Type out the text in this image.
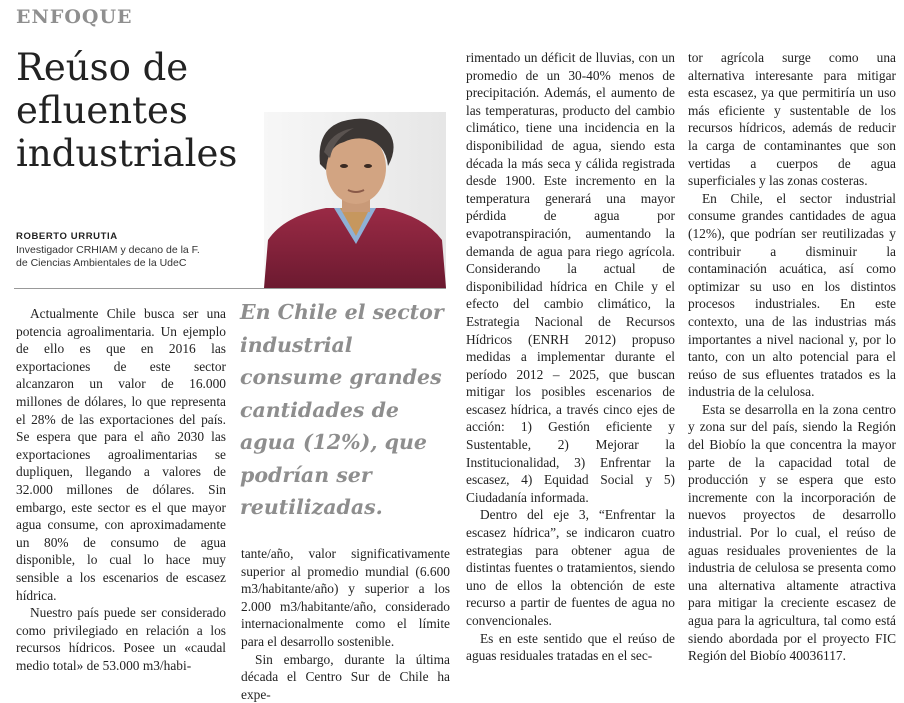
ENFOQUE
Reúso de efluentes industriales
ROBERTO URRUTIA
Investigador CRHIAM y decano de la F. de Ciencias Ambientales de la UdeC

Actualmente Chile busca ser una potencia agroalimentaria. Un ejemplo de ello es que en 2016 las exportaciones de este sector alcanzaron un valor de 16.000 millones de dólares, lo que representa el 28% de las exportaciones del país. Se espera que para el año 2030 las exportaciones agroalimentarias se dupliquen, llegando a valores de 32.000 millones de dólares. Sin embargo, este sector es el que mayor agua consume, con aproximadamente un 80% de consumo de agua disponible, lo cual lo hace muy sensible a los escenarios de escasez hídrica.

Nuestro país puede ser considerado como privilegiado en relación a los recursos hídricos. Posee un «caudal medio total» de 53.000 m3/habi-

En Chile el sector industrial consume grandes cantidades de agua (12%), que podrían ser reutilizadas.

tante/año, valor significativamente superior al promedio mundial (6.600 m3/habitante/año) y superior a los 2.000 m3/habitante/año, considerado internacionalmente como el límite para el desarrollo sostenible.

Sin embargo, durante la última década el Centro Sur de Chile ha expe-

rimentado un déficit de lluvias, con un promedio de un 30-40% menos de precipitación. Además, el aumento de las temperaturas, producto del cambio climático, tiene una incidencia en la disponibilidad de agua, siendo esta década la más seca y cálida registrada desde 1900. Este incremento en la temperatura generará una mayor pérdida de agua por evapotranspiración, aumentando la demanda de agua para riego agrícola. Considerando la actual de disponibilidad hídrica en Chile y el efecto del cambio climático, la Estrategia Nacional de Recursos Hídricos (ENRH 2012) propuso medidas a implementar durante el período 2012 – 2025, que buscan mitigar los posibles escenarios de escasez hídrica, a través cinco ejes de acción: 1) Gestión eficiente y Sustentable, 2) Mejorar la Institucionalidad, 3) Enfrentar la escasez, 4) Equidad Social y 5) Ciudadanía informada.

Dentro del eje 3, “Enfrentar la escasez hídrica”, se indicaron cuatro estrategias para obtener agua de distintas fuentes o tratamientos, siendo uno de ellos la obtención de este recurso a partir de fuentes de agua no convencionales.

Es en este sentido que el reúso de aguas residuales tratadas en el sec-

tor agrícola surge como una alternativa interesante para mitigar esta escasez, ya que permitiría un uso más eficiente y sustentable de los recursos hídricos, además de reducir la carga de contaminantes que son vertidas a cuerpos de agua superficiales y las zonas costeras.

En Chile, el sector industrial consume grandes cantidades de agua (12%), que podrían ser reutilizadas y contribuir a disminuir la contaminación acuática, así como optimizar su uso en los distintos procesos industriales. En este contexto, una de las industrias más importantes a nivel nacional y, por lo tanto, con un alto potencial para el reúso de sus efluentes tratados es la industria de la celulosa.

Esta se desarrolla en la zona centro y zona sur del país, siendo la Región del Biobío la que concentra la mayor parte de la capacidad total de producción y se espera que esto incremente con la incorporación de nuevos proyectos de desarrollo industrial. Por lo cual, el reúso de aguas residuales provenientes de la industria de celulosa se presenta como una alternativa altamente atractiva para mitigar la creciente escasez de agua para la agricultura, tal como está siendo abordada por el proyecto FIC Región del Biobío 40036117.
